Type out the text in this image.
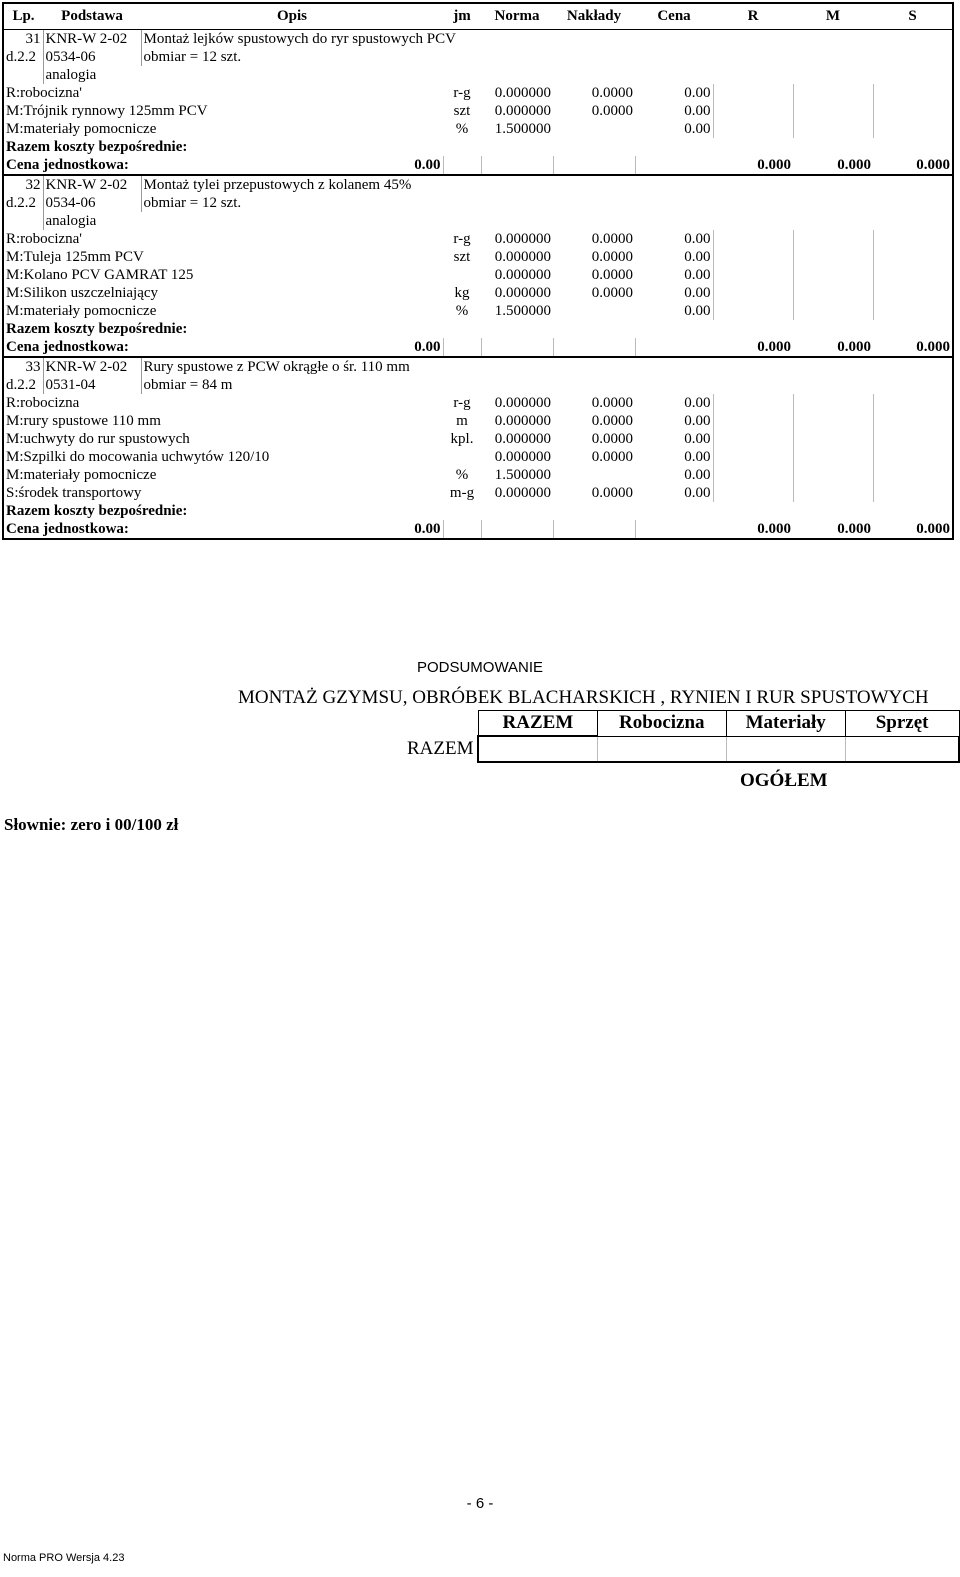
Lp.	Podstawa	Opis	jm	Norma	Nakłady	Cena	R	M	S
31	KNR-W 2-02	Montaż lejków spustowych do ryr spustowych PCV							
d.2.2	0534-06	obmiar = 12 szt.							
	analogia								
R:robocizna'			r-g	0.000000	0.0000	0.00			
M:Trójnik rynnowy 125mm PCV			szt	0.000000	0.0000	0.00			
M:materiały pomocnicze			%	1.500000		0.00			
Razem koszty bezpośrednie:									
Cena jednostkowa:		0.00					0.000	0.000	0.000
32	KNR-W 2-02	Montaż tylei przepustowych z kolanem 45%							
d.2.2	0534-06	obmiar = 12 szt.							
	analogia								
R:robocizna'			r-g	0.000000	0.0000	0.00			
M:Tuleja 125mm PCV			szt	0.000000	0.0000	0.00			
M:Kolano PCV GAMRAT 125				0.000000	0.0000	0.00			
M:Silikon uszczelniający			kg	0.000000	0.0000	0.00			
M:materiały pomocnicze			%	1.500000		0.00			
Razem koszty bezpośrednie:									
Cena jednostkowa:		0.00					0.000	0.000	0.000
33	KNR-W 2-02	Rury spustowe z PCW okrągłe o śr. 110 mm							
d.2.2	0531-04	obmiar = 84 m							
R:robocizna			r-g	0.000000	0.0000	0.00			
M:rury spustowe 110 mm			m	0.000000	0.0000	0.00			
M:uchwyty do rur spustowych			kpl.	0.000000	0.0000	0.00			
M:Szpilki do mocowania uchwytów 120/10				0.000000	0.0000	0.00			
M:materiały pomocnicze			%	1.500000		0.00			
S:środek transportowy			m-g	0.000000	0.0000	0.00			
Razem koszty bezpośrednie:									
Cena jednostkowa:		0.00					0.000	0.000	0.000
PODSUMOWANIE
MONTAŻ GZYMSU, OBRÓBEK BLACHARSKICH , RYNIEN I RUR SPUSTOWYCH
	RAZEM	Robocizna	Materiały	Sprzęt
RAZEM				
OGÓŁEM
Słownie: zero i 00/100 zł
- 6 -
Norma PRO Wersja 4.23
